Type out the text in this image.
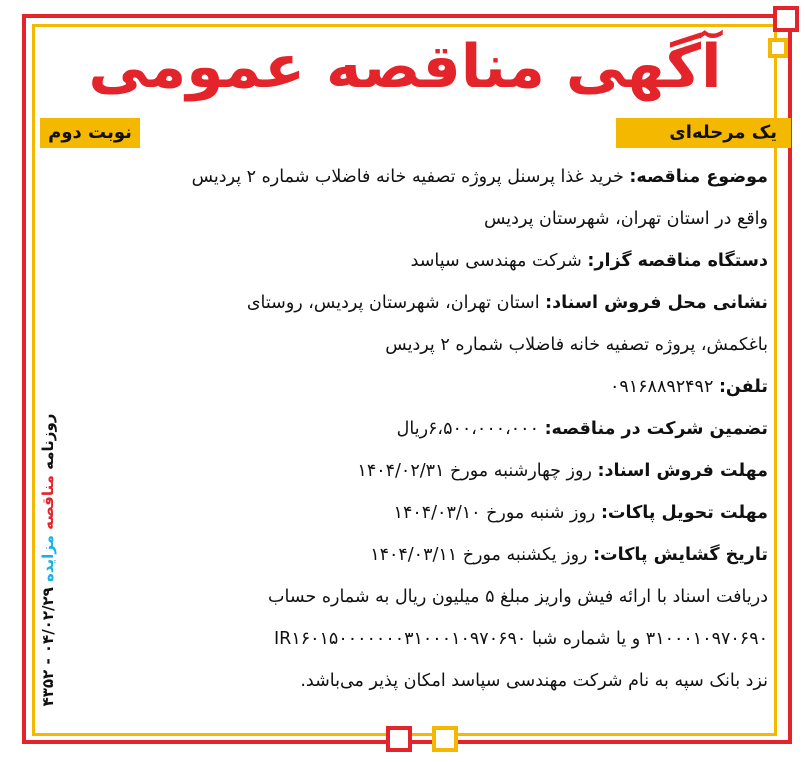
آگهی مناقصه عمومی
یک مرحله‌ای
نوبت دوم
موضوع مناقصه: خرید غذا پرسنل پروژه تصفیه خانه فاضلاب شماره ۲ پردیس
واقع در استان تهران، شهرستان پردیس
دستگاه مناقصه گزار: شرکت مهندسی سپاسد
نشانی محل فروش اسناد: استان تهران، شهرستان پردیس، روستای
باغکمش، پروژه تصفیه خانه فاضلاب شماره ۲ پردیس
تلفن: ۰۹۱۶۸۸۹۲۴۹۲
تضمین شرکت در مناقصه: ۶،۵۰۰،۰۰۰،۰۰۰ریال
مهلت فروش اسناد: روز چهارشنبه مورخ ۱۴۰۴/۰۲/۳۱
مهلت تحویل پاکات: روز شنبه مورخ ۱۴۰۴/۰۳/۱۰
تاریخ گشایش پاکات: روز یکشنبه مورخ ۱۴۰۴/۰۳/۱۱
دریافت اسناد با ارائه فیش واریز مبلغ ۵ میلیون ریال به شماره حساب
۳۱۰۰۰۱۰۹۷۰۶۹۰ و یا شماره شبا IR۱۶۰۱۵۰۰۰۰۰۰۰۳۱۰۰۰۱۰۹۷۰۶۹۰
نزد بانک سپه به نام شرکت مهندسی سپاسد امکان پذیر می‌باشد.
روزنامه مناقصه مزایده ۰۴/۰۲/۲۹ - ۴۳۵۲
